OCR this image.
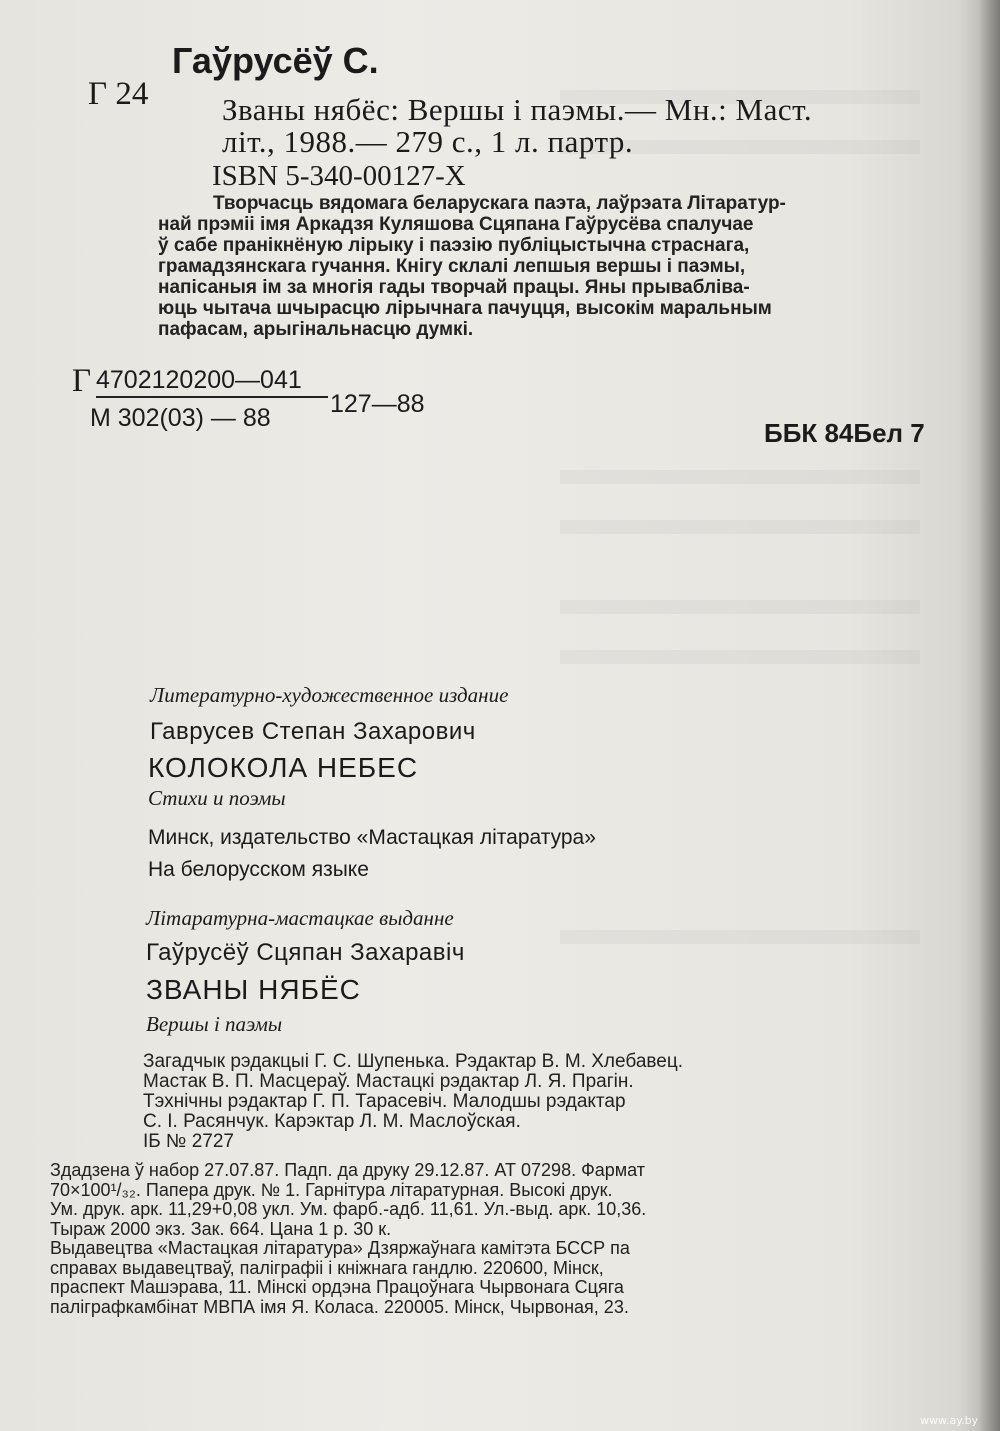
Г 24
Гаўрусёў С.
Званы нябёс: Вершы і паэмы.— Мн.: Маст.
літ., 1988.— 279 с., 1 л. партр.
ISBN 5-340-00127-X
Творчасць вядомага беларускага паэта, лаўрэата Літаратур-
най прэміі імя Аркадзя Куляшова Сцяпана Гаўрусёва спалучае
ў сабе пранікнёную лірыку і паэзію публіцыстычна страснага,
грамадзянскага гучання. Кнігу склалі лепшыя вершы і паэмы,
напісаныя ім за многія гады творчай працы. Яны прываблiва-
юць чытача шчырасцю лірычнага пачуцця, высокім маральным
пафасам, арыгінальнасцю думкі.
Г 4702120200—041
М 302(03) — 88 127—88
ББК 84Бел 7
Литературно-художественное издание
Гаврусев Степан Захарович
КОЛОКОЛА НЕБЕС
Стихи и поэмы
Минск, издательство «Мастацкая літаратура»
На белорусском языке
Літаратурна-мастацкае выданне
Гаўрусёў Сцяпан Захаравіч
ЗВАНЫ НЯБЁС
Вершы і паэмы
Загадчык рэдакцыі Г. С. Шупенька. Рэдактар В. М. Хлебавец.
Мастак В. П. Масцераў. Мастацкі рэдактар Л. Я. Прагін.
Тэхнічны рэдактар Г. П. Тарасевіч. Малодшы рэдактар
С. І. Расянчук. Карэктар Л. М. Маслоўская.
ІБ № 2727
Здадзена ў набор 27.07.87. Падп. да друку 29.12.87. АТ 07298. Фармат
70×100¹/₃₂. Папера друк. № 1. Гарнітура літаратурная. Высокі друк.
Ум. друк. арк. 11,29+0,08 укл. Ум. фарб.-адб. 11,61. Ул.-выд. арк. 10,36.
Тыраж 2000 экз. Зак. 664. Цана 1 р. 30 к.
Выдавецтва «Мастацкая літаратура» Дзяржаўнага камітэта БССР па
справах выдавецтваў, паліграфіі і кніжнага гандлю. 220600, Мінск,
праспект Машэрава, 11. Мінскі ордэна Працоўнага Чырвонага Сцяга
паліграфкамбінат МВПА імя Я. Коласа. 220005. Мінск, Чырвоная, 23.
www.ay.by
